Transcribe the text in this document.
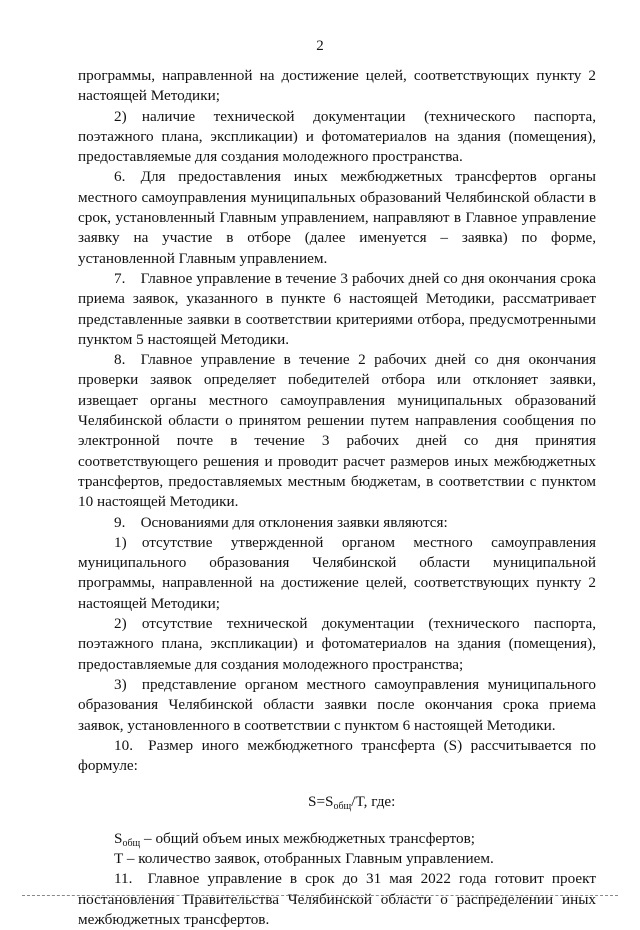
2

программы, направленной на достижение целей, соответствующих пункту 2 настоящей Методики;

2) наличие технической документации (технического паспорта, поэтажного плана, экспликации) и фотоматериалов на здания (помещения), предоставляемые для создания молодежного пространства.

6. Для предоставления иных межбюджетных трансфертов органы местного самоуправления муниципальных образований Челябинской области в срок, установленный Главным управлением, направляют в Главное управление заявку на участие в отборе (далее именуется – заявка) по форме, установленной Главным управлением.

7. Главное управление в течение 3 рабочих дней со дня окончания срока приема заявок, указанного в пункте 6 настоящей Методики, рассматривает представленные заявки в соответствии критериями отбора, предусмотренными пунктом 5 настоящей Методики.

8. Главное управление в течение 2 рабочих дней со дня окончания проверки заявок определяет победителей отбора или отклоняет заявки, извещает органы местного самоуправления муниципальных образований Челябинской области о принятом решении путем направления сообщения по электронной почте в течение 3 рабочих дней со дня принятия соответствующего решения и проводит расчет размеров иных межбюджетных трансфертов, предоставляемых местным бюджетам, в соответствии с пунктом 10 настоящей Методики.

9. Основаниями для отклонения заявки являются:

1) отсутствие утвержденной органом местного самоуправления муниципального образования Челябинской области муниципальной программы, направленной на достижение целей, соответствующих пункту 2 настоящей Методики;

2) отсутствие технической документации (технического паспорта, поэтажного плана, экспликации) и фотоматериалов на здания (помещения), предоставляемые для создания молодежного пространства;

3) представление органом местного самоуправления муниципального образования Челябинской области заявки после окончания срока приема заявок, установленного в соответствии с пунктом 6 настоящей Методики.

10. Размер иного межбюджетного трансферта (S) рассчитывается по формуле:

$S=S_{общ}/T$, где:

$S_{общ}$ – общий объем иных межбюджетных трансфертов;

T – количество заявок, отобранных Главным управлением.

11. Главное управление в срок до 31 мая 2022 года готовит проект постановления Правительства Челябинской области о распределении иных межбюджетных трансфертов.
